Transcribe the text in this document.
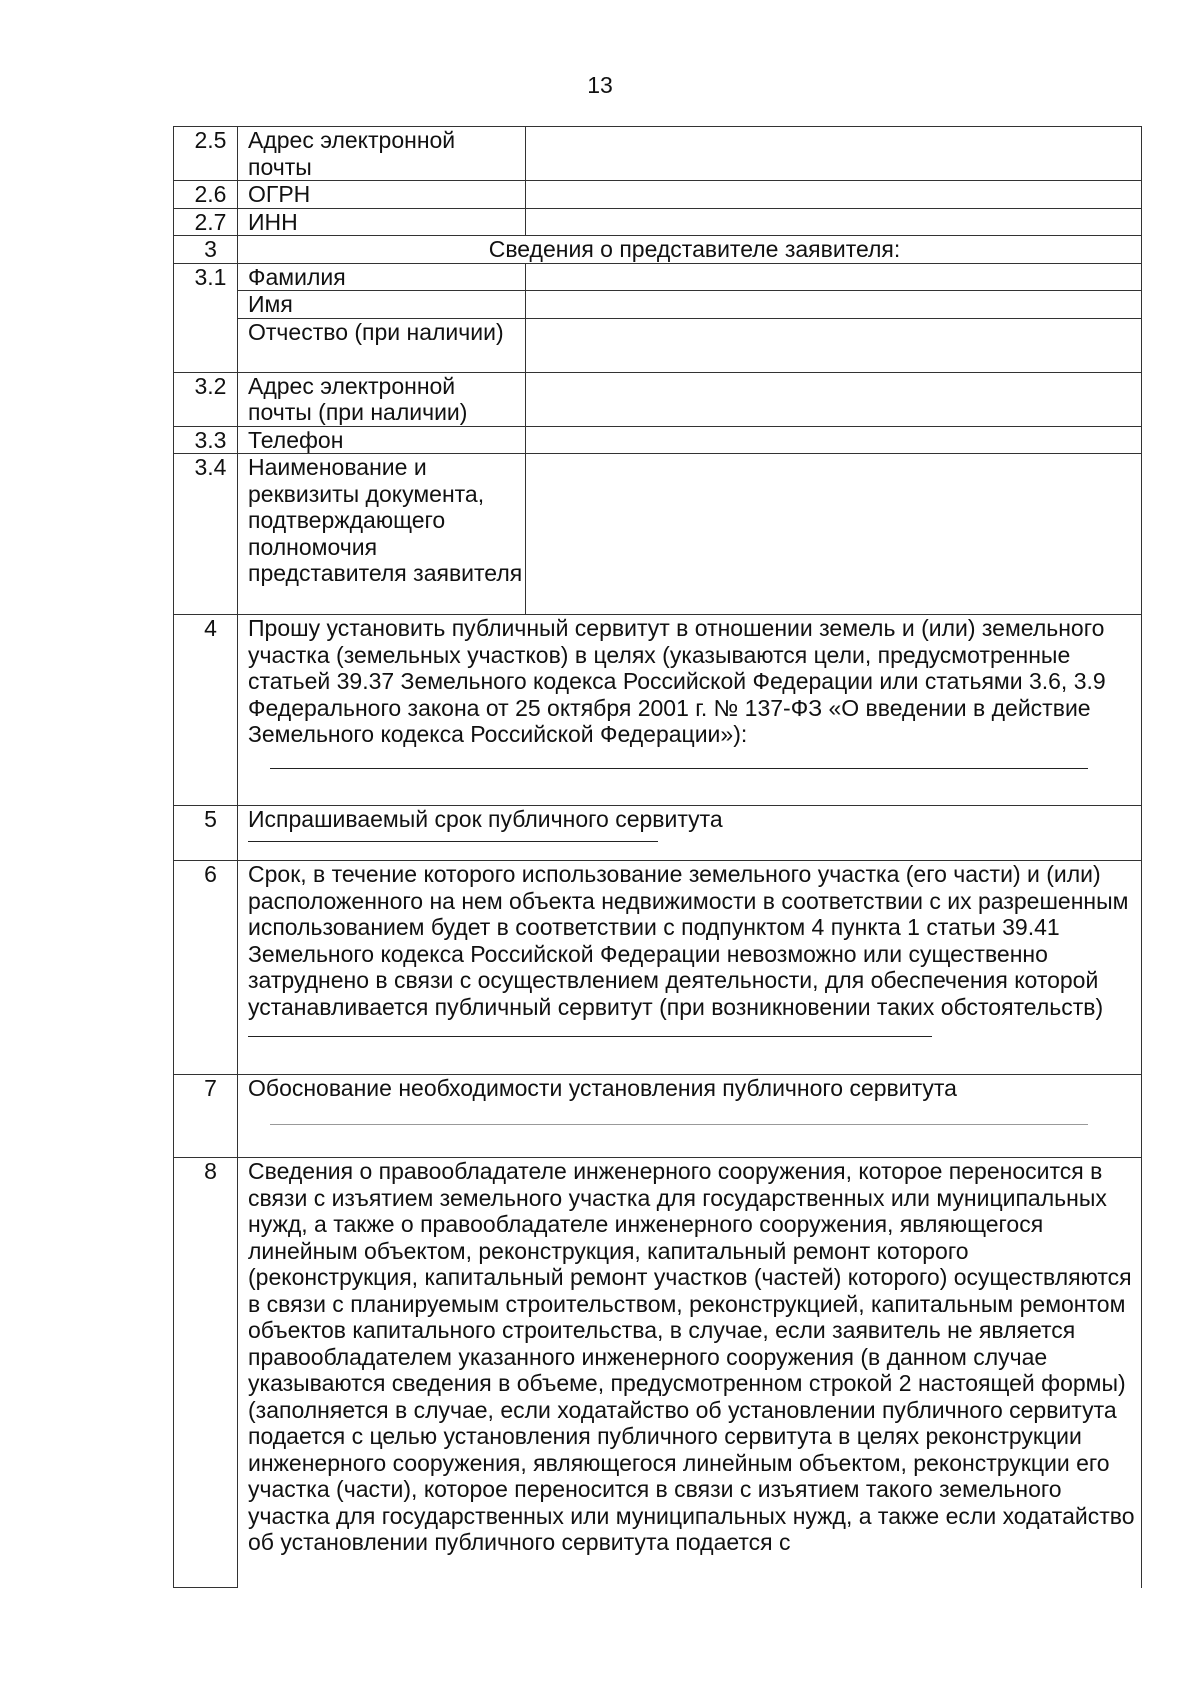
13
2.5	Адрес электронной почты	
2.6	ОГРН	
2.7	ИНН	
3	Сведения о представителе заявителя:	
3.1	Фамилия	
	Имя	
	Отчество (при наличии)	
3.2	Адрес электронной почты (при наличии)	
3.3	Телефон	
3.4	Наименование и реквизиты документа, подтверждающего полномочия представителя заявителя	
4	Прошу установить публичный сервитут в отношении земель и (или) земельного участка (земельных участков) в целях (указываются цели, предусмотренные статьей 39.37 Земельного кодекса Российской Федерации или статьями 3.6, 3.9 Федерального закона от 25 октября 2001 г. № 137-ФЗ «О введении в действие Земельного кодекса Российской Федерации»):	

5	Испрашиваемый срок публичного сервитута	

6	Срок, в течение которого использование земельного участка (его части) и (или) расположенного на нем объекта недвижимости в соответствии с их разрешенным использованием будет в соответствии с подпунктом 4 пункта 1 статьи 39.41 Земельного кодекса Российской Федерации невозможно или существенно затруднено в связи с осуществлением деятельности, для обеспечения которой устанавливается публичный сервитут (при возникновении таких обстоятельств)	

7	Обоснование необходимости установления публичного сервитута	

8	Сведения о правообладателе инженерного сооружения, которое переносится в связи с изъятием земельного участка для государственных или муниципальных нужд, а также о правообладателе инженерного сооружения, являющегося линейным объектом, реконструкция, капитальный ремонт которого (реконструкция, капитальный ремонт участков (частей) которого) осуществляются в связи с планируемым строительством, реконструкцией, капитальным ремонтом объектов капитального строительства, в случае, если заявитель не является правообладателем указанного инженерного сооружения (в данном случае указываются сведения в объеме, предусмотренном строкой 2 настоящей формы) (заполняется в случае, если ходатайство об установлении публичного сервитута подается с целью установления публичного сервитута в целях реконструкции инженерного сооружения, являющегося линейным объектом, реконструкции его участка (части), которое переносится в связи с изъятием такого земельного участка для государственных или муниципальных нужд, а также если ходатайство об установлении публичного сервитута подается с	
